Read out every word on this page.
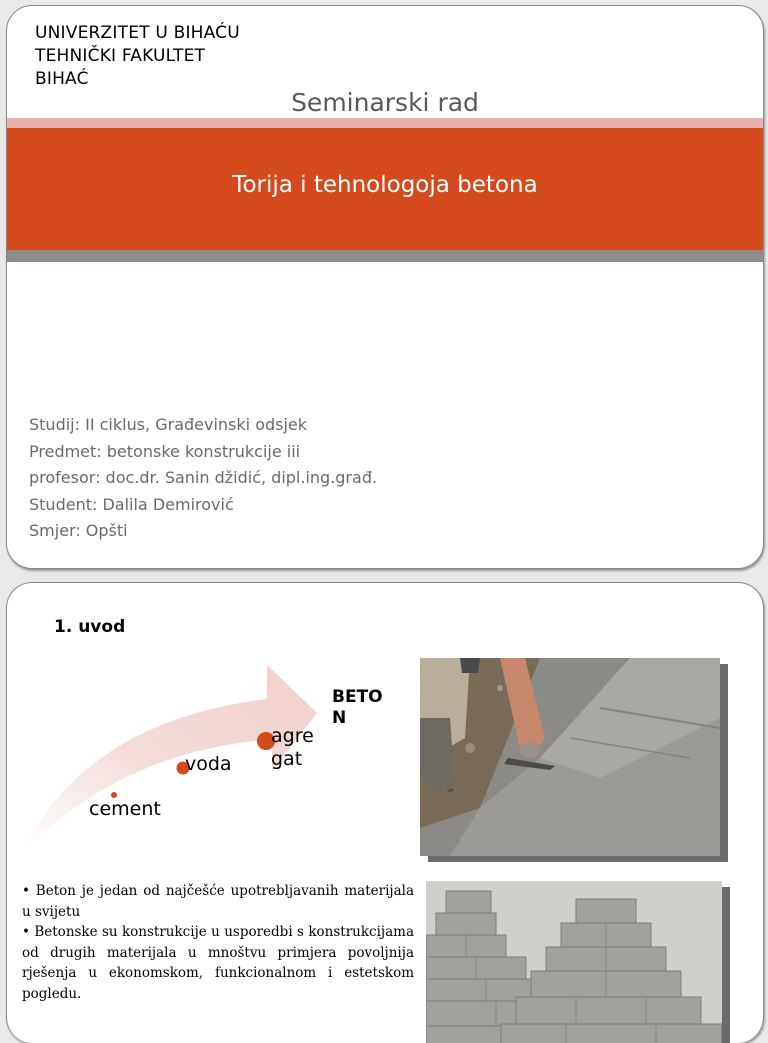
UNIVERZITET U BIHAĆU
TEHNIČKI FAKULTET
BIHAĆ
Seminarski rad
Torija i tehnologoja betona
Studij: II ciklus, Građevinski odsjek
Predmet: betonske konstrukcije iii
profesor: doc.dr. Sanin džidić, dipl.ing.građ.
Student: Dalila Demirović
Smjer: Opšti
1. uvod
cement
voda
agre gat
BETO N

• Beton je jedan od najčešće upotrebljavanih materijala u svijetu

• Betonske su konstrukcije u usporedbi s konstrukcijama od drugih materijala u mnoštvu primjera povoljnija rješenja u ekonomskom, funkcionalnom i estetskom pogledu.
